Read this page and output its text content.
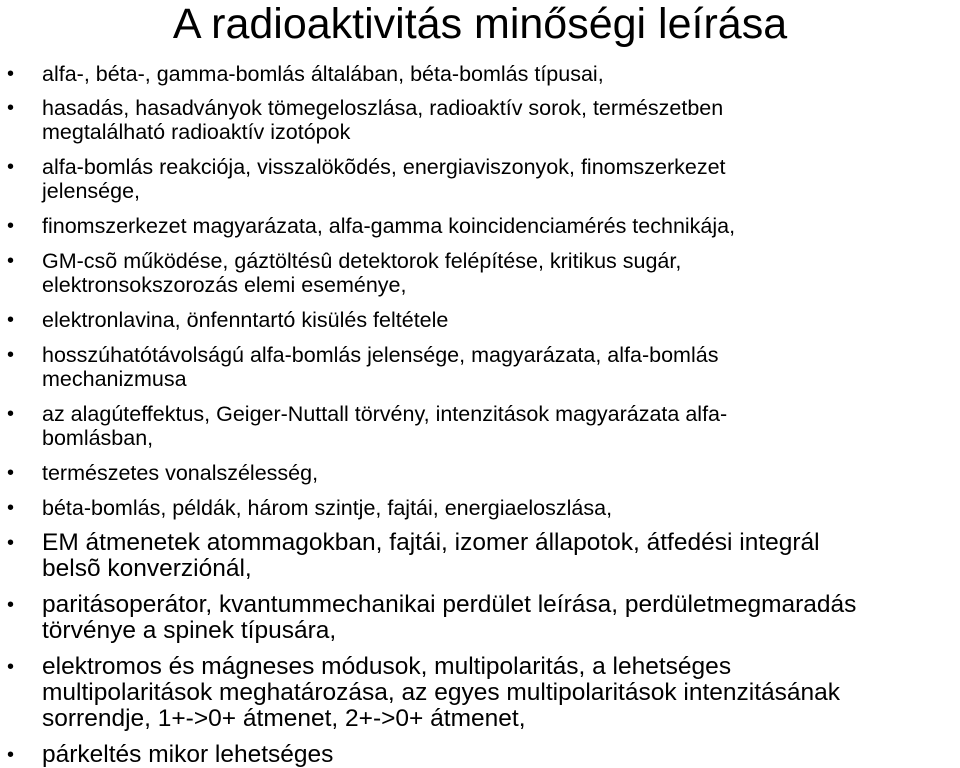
A radioaktivitás minőségi leírása
• alfa-, béta-, gamma-bomlás általában, béta-bomlás típusai,
• hasadás, hasadványok tömegeloszlása, radioaktív sorok, természetben
megtalálható radioaktív izotópok
• alfa-bomlás reakciója, visszalökõdés, energiaviszonyok, finomszerkezet
jelensége,
• finomszerkezet magyarázata, alfa-gamma koincidenciamérés technikája,
• GM-csõ működése, gáztöltésû detektorok felépítése, kritikus sugár,
elektronsokszorozás elemi eseménye,
• elektronlavina, önfenntartó kisülés feltétele
• hosszúhatótávolságú alfa-bomlás jelensége, magyarázata, alfa-bomlás
mechanizmusa
• az alagúteffektus, Geiger-Nuttall törvény, intenzitások magyarázata alfa-
bomlásban,
• természetes vonalszélesség,
• béta-bomlás, példák, három szintje, fajtái, energiaeloszlása,
• EM átmenetek atommagokban, fajtái, izomer állapotok, átfedési integrál
belsõ konverziónál,
• paritásoperátor, kvantummechanikai perdület leírása, perdületmegmaradás
törvénye a spinek típusára,
• elektromos és mágneses módusok, multipolaritás, a lehetséges
multipolaritások meghatározása, az egyes multipolaritások intenzitásának
sorrendje, 1+->0+ átmenet, 2+->0+ átmenet,
• párkeltés mikor lehetséges
